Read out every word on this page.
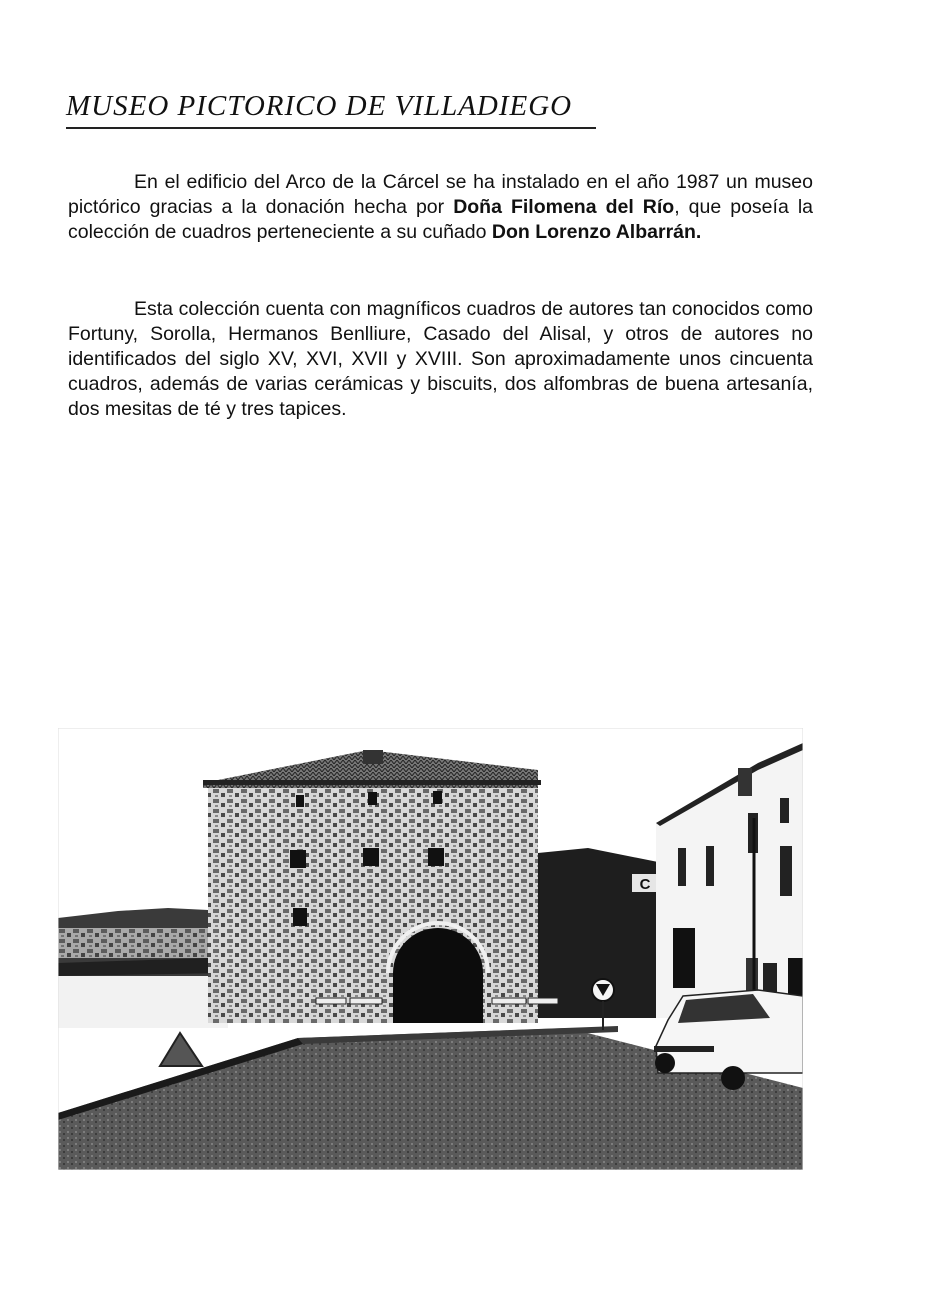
MUSEO PICTORICO DE VILLADIEGO

En el edificio del Arco de la Cárcel se ha instalado en el año 1987 un museo pictórico gracias a la donación hecha por Doña Filomena del Río, que poseía la colección de cuadros perteneciente a su cuñado Don Lorenzo Albarrán.

Esta colección cuenta con magníficos cuadros de autores tan conocidos como Fortuny, Sorolla, Hermanos Benlliure, Casado del Alisal, y otros de autores no identificados del siglo XV, XVI, XVII y XVIII. Son aproximadamente unos cincuenta cuadros, además de varias cerámicas y biscuits, dos alfombras de buena artesanía, dos mesitas de té y tres tapices.

C
